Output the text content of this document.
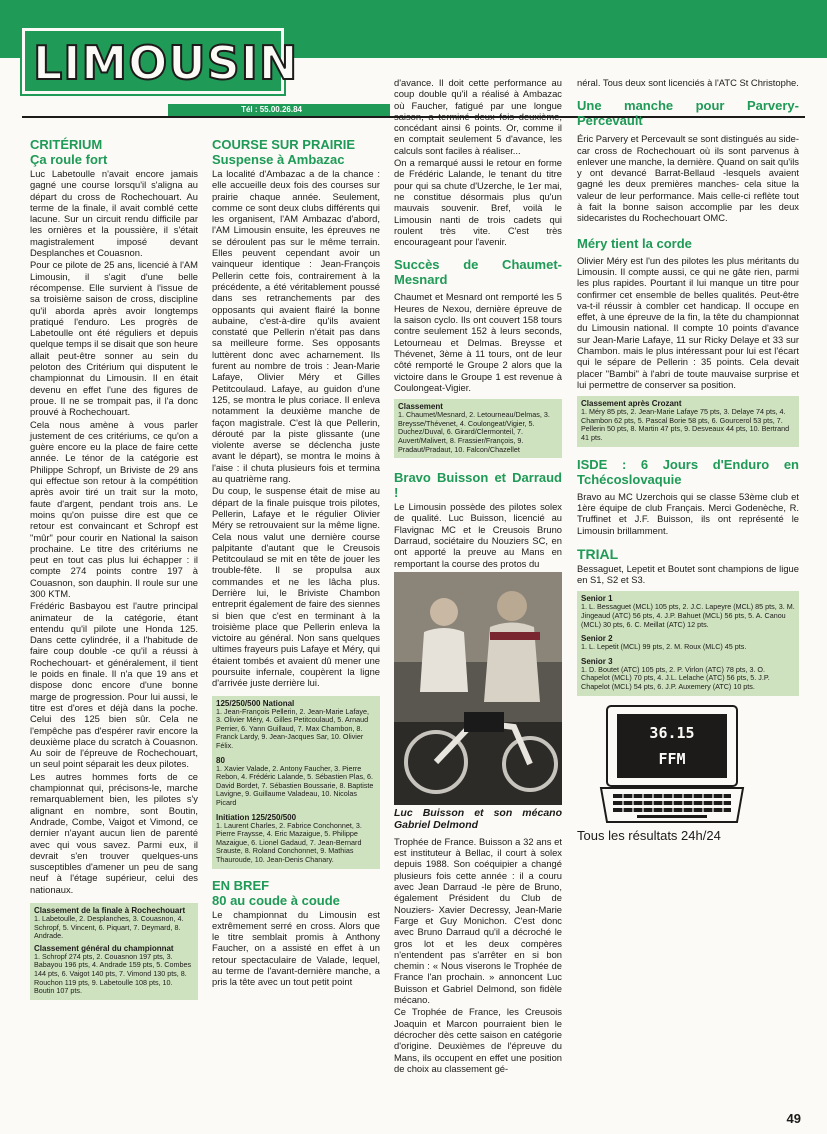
LIMOUSIN
Tél : 55.00.26.84
CRITÉRIUM
Ça roule fort

Luc Labetoulle n'avait encore jamais gagné une course lorsqu'il s'aligna au départ du cross de Rochechouart. Au terme de la finale, il avait comblé cette lacune. Sur un circuit rendu difficile par les ornières et la poussière, il s'était magistralement imposé devant Desplanches et Couasnon.

Pour ce pilote de 25 ans, licencié à l'AM Limousin, il s'agit d'une belle récompense. Elle survient à l'issue de sa troisième saison de cross, discipline qu'il aborda après avoir longtemps pratiqué l'enduro. Les progrès de Labetoulle ont été réguliers et depuis quelque temps il se disait que son heure allait peut-être sonner au sein du peloton des Critérium qui disputent le championnat du Limousin. Il en était devenu en effet l'une des figures de proue. Il ne se trompait pas, il l'a donc prouvé à Rochechouart.

Cela nous amène à vous parler justement de ces critériums, ce qu'on a guère encore eu la place de faire cette année. Le ténor de la catégorie est Philippe Schropf, un Briviste de 29 ans qui effectue son retour à la compétition après avoir tiré un trait sur la moto, faute d'argent, pendant trois ans. Le moins qu'on puisse dire est que ce retour est convaincant et Schropf est "mûr" pour courir en National la saison prochaine. Le titre des critériums ne peut en tout cas plus lui échapper : il compte 274 points contre 197 à Couasnon, son dauphin. Il roule sur une 300 KTM.

Frédéric Basbayou est l'autre principal animateur de la catégorie, étant entendu qu'il pilote une Honda 125. Dans cette cylindrée, il a l'habitude de faire coup double -ce qu'il a réussi à Rochechouart- et généralement, il tient le poids en finale. Il n'a que 19 ans et dispose donc encore d'une bonne marge de progression. Pour lui aussi, le titre est d'ores et déjà dans la poche. Celui des 125 bien sûr. Cela ne l'empêche pas d'espérer ravir encore la deuxième place du scratch à Couasnon. Au soir de l'épreuve de Rochechouart, un seul point séparait les deux pilotes.

Les autres hommes forts de ce championnat qui, précisons-le, marche remarquablement bien, les pilotes s'y alignant en nombre, sont Boutin, Andrade, Combe, Vaigot et Vimond, ce dernier n'ayant aucun lien de parenté avec qui vous savez. Parmi eux, il devrait s'en trouver quelques-uns susceptibles d'amener un peu de sang neuf à l'étage supérieur, celui des nationaux.

Classement de la finale à Rochechouart
1. Labetoulle, 2. Desplanches, 3. Couasnon, 4. Schropf, 5. Vincent, 6. Piquart, 7. Deymard, 8. Andrade.
Classement général du championnat
1. Schropf 274 pts, 2. Couasnon 197 pts, 3. Babayou 196 pts, 4. Andrade 159 pts, 5. Combes 144 pts, 6. Vaigot 140 pts, 7. Vimond 130 pts, 8. Rouchon 119 pts, 9. Labetoulle 108 pts, 10. Boutin 107 pts.
COURSE SUR PRAIRIE
Suspense à Ambazac

La localité d'Ambazac a de la chance : elle accueille deux fois des courses sur prairie chaque année. Seulement, comme ce sont deux clubs différents qui les organisent, l'AM Ambazac d'abord, l'AM Limousin ensuite, les épreuves ne se déroulent pas sur le même terrain. Elles peuvent cependant avoir un vainqueur identique : Jean-François Pellerin cette fois, contrairement à la précédente, a été véritablement poussé dans ses retranchements par des opposants qui avaient flairé la bonne aubaine, c'est-à-dire qu'ils avaient constaté que Pellerin n'était pas dans sa meilleure forme. Ses opposants luttèrent donc avec acharnement. Ils furent au nombre de trois : Jean-Marie Lafaye, Olivier Méry et Gilles Petitcoulaud. Lafaye, au guidon d'une 125, se montra le plus coriace. Il enleva notamment la deuxième manche de façon magistrale. C'est là que Pellerin, dérouté par la piste glissante (une violente averse se déclencha juste avant le départ), se montra le moins à l'aise : il chuta plusieurs fois et termina au quatrième rang.

Du coup, le suspense était de mise au départ de la finale puisque trois pilotes, Pellerin, Lafaye et le régulier Olivier Méry se retrouvaient sur la même ligne. Cela nous valut une dernière course palpitante d'autant que le Creusois Petitcoulaud se mit en tête de jouer les trouble-fête. Il se propulsa aux commandes et ne les lâcha plus. Derrière lui, le Briviste Chambon entreprit également de faire des siennes si bien que c'est en terminant à la troisième place que Pellerin enleva la victoire au général. Non sans quelques ultimes frayeurs puis Lafaye et Méry, qui étaient tombés et avaient dû mener une poursuite infernale, coupèrent la ligne d'arrivée juste derrière lui.

125/250/500 National
1. Jean-François Pellerin, 2. Jean-Marie Lafaye, 3. Olivier Méry, 4. Gilles Petitcoulaud, 5. Arnaud Perrier, 6. Yann Guillaud, 7. Max Chambon, 8. Franck Lardy, 9. Jean-Jacques Sar, 10. Olivier Félix.
80
1. Xavier Valade, 2. Antony Faucher, 3. Pierre Rebon, 4. Frédéric Lalande, 5. Sébastien Plas, 6. David Bordet, 7. Sébastien Boussarie, 8. Baptiste Lavigne, 9. Guillaume Valadeau, 10. Nicolas Picard
Initiation 125/250/500
1. Laurent Charles, 2. Fabrice Conchonnet, 3. Pierre Fraysse, 4. Eric Mazaigue, 5. Philippe Mazaigue, 6. Lionel Gadaud, 7. Jean-Bernard Srauste, 8. Roland Conchonnet, 9. Mathias Thauroude, 10. Jean-Denis Chanary.
EN BREF
80 au coude à coude

Le championnat du Limousin est extrêmement serré en cross. Alors que le titre semblait promis à Anthony Faucher, on a assisté en effet à un retour spectaculaire de Valade, lequel, au terme de l'avant-dernière manche, a pris la tête avec un tout petit point

d'avance. Il doit cette performance au coup double qu'il a réalisé à Ambazac où Faucher, fatigué par une longue saison, a terminé deux fois deuxième, concédant ainsi 6 points. Or, comme il en comptait seulement 5 d'avance, les calculs sont faciles à réaliser...

On a remarqué aussi le retour en forme de Frédéric Lalande, le tenant du titre pour qui sa chute d'Uzerche, le 1er mai, ne constitue désormais plus qu'un mauvais souvenir. Bref, voilà le Limousin nanti de trois cadets qui roulent très vite. C'est très encourageant pour l'avenir.

Succès de Chaumet-Mesnard

Chaumet et Mesnard ont remporté les 5 Heures de Nexou, dernière épreuve de la saison cyclo. Ils ont couvert 158 tours contre seulement 152 à leurs seconds, Letourneau et Delmas. Breysse et Thévenet, 3ème à 11 tours, ont de leur côté remporté le Groupe 2 alors que la victoire dans le Groupe 1 est revenue à Coulongeat-Vigier.

Classement
1. Chaumet/Mesnard, 2. Letourneau/Delmas, 3. Breysse/Thévenet, 4. Coulongeat/Vigier, 5. Duchez/Duval, 6. Girard/Clermonteil, 7. Auvert/Malivert, 8. Frassier/François, 9. Pradaut/Pradaut, 10. Falcon/Chazellet
Bravo Buisson et Darraud !

Le Limousin possède des pilotes solex de qualité. Luc Buisson, licencié au Flavignac MC et le Creusois Bruno Darraud, sociétaire du Nouziers SC, en ont apporté la preuve au Mans en remportant la course des protos du

Luc Buisson et son mécano Gabriel Delmond

Trophée de France. Buisson a 32 ans et est instituteur à Bellac, il court à solex depuis 1988. Son coéquipier a changé plusieurs fois cette année : il a couru avec Jean Darraud -le père de Bruno, également Président du Club de Nouziers- Xavier Decressy, Jean-Marie Farge et Guy Monichon. C'est donc avec Bruno Darraud qu'il a décroché le gros lot et les deux compères n'entendent pas s'arrêter en si bon chemin : « Nous viserons le Trophée de France l'an prochain. » annoncent Luc Buisson et Gabriel Delmond, son fidèle mécano.

Ce Trophée de France, les Creusois Joaquin et Marcon pourraient bien le décrocher dès cette saison en catégorie d'origine. Deuxièmes de l'épreuve du Mans, ils occupent en effet une position de choix au classement gé-

néral. Tous deux sont licenciés à l'ATC St Christophe.

Une manche pour Parvery-Percevault

Éric Parvery et Percevault se sont distingués au side-car cross de Rochechouart où ils sont parvenus à enlever une manche, la dernière. Quand on sait qu'ils y ont devancé Barrat-Bellaud -lesquels avaient gagné les deux premières manches- cela situe la valeur de leur performance. Mais celle-ci reflète tout à fait la bonne saison accomplie par les deux sidecaristes du Rochechouart OMC.

Méry tient la corde

Olivier Méry est l'un des pilotes les plus méritants du Limousin. Il compte aussi, ce qui ne gâte rien, parmi les plus rapides. Pourtant il lui manque un titre pour confirmer cet ensemble de belles qualités. Peut-être va-t-il réussir à combler cet handicap. Il occupe en effet, à une épreuve de la fin, la tête du championnat du Limousin national. Il compte 10 points d'avance sur Jean-Marie Lafaye, 11 sur Ricky Delaye et 33 sur Chambon. mais le plus intéressant pour lui est l'écart qui le sépare de Pellerin : 35 points. Cela devait placer "Bambi" à l'abri de toute mauvaise surprise et lui permettre de conserver sa position.

Classement après Crozant
1. Méry 85 pts, 2. Jean-Marie Lafaye 75 pts, 3. Delaye 74 pts, 4. Chambon 62 pts, 5. Pascal Borie 58 pts, 6. Gourcerol 53 pts, 7. Pellerin 50 pts, 8. Martin 47 pts, 9. Desveaux 44 pts, 10. Bertrand 41 pts.
ISDE : 6 Jours d'Enduro en Tchécoslovaquie

Bravo au MC Uzerchois qui se classe 53ème club et 1ère équipe de club Français. Merci Godenèche, R. Truffinet et J.F. Buisson, ils ont représenté le Limousin brillamment.

TRIAL

Bessaguet, Lepetit et Boutet sont champions de ligue en S1, S2 et S3.

Senior 1
1. L. Bessaguet (MCL) 105 pts, 2. J.C. Lapeyre (MCL) 85 pts, 3. M. Jingeaud (ATC) 56 pts, 4. J.P. Bahuet (MCL) 56 pts, 5. A. Canou (MCL) 30 pts, 6. C. Meillat (ATC) 12 pts.
Senior 2
1. L. Lepetit (MCL) 99 pts, 2. M. Roux (MLC) 45 pts.
Senior 3
1. D. Boutet (ATC) 105 pts, 2. P. Virlon (ATC) 78 pts, 3. O. Chapelot (MCL) 70 pts, 4. J.L. Lelache (ATC) 56 pts, 5. J.P. Chapelot (MCL) 54 pts, 6. J.P. Auxemery (ATC) 10 pts.
36.15
FFM
Tous les résultats 24h/24
49
